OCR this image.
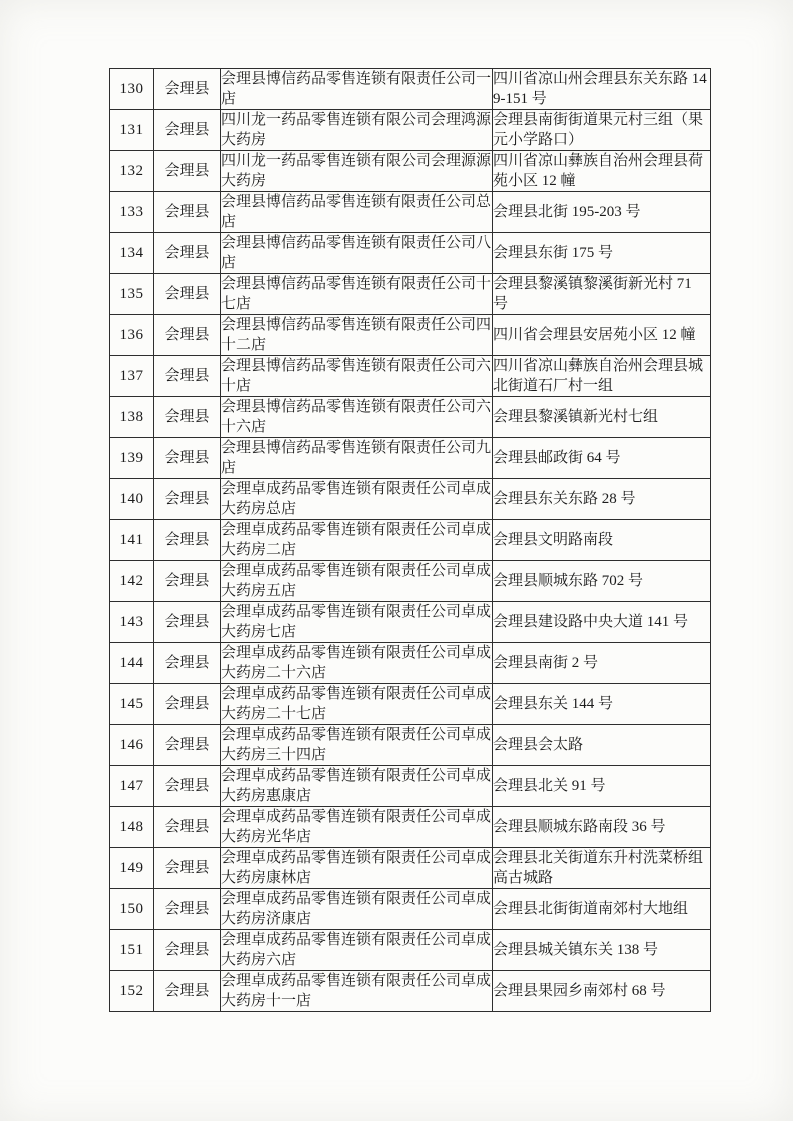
130	会理县	会理县博信药品零售连锁有限责任公司一店	四川省凉山州会理县东关东路 149-151 号
131	会理县	四川龙一药品零售连锁有限公司会理鸿源大药房	会理县南街街道果元村三组（果元小学路口）
132	会理县	四川龙一药品零售连锁有限公司会理源源大药房	四川省凉山彝族自治州会理县荷苑小区 12 幢
133	会理县	会理县博信药品零售连锁有限责任公司总店	会理县北街 195-203 号
134	会理县	会理县博信药品零售连锁有限责任公司八店	会理县东街 175 号
135	会理县	会理县博信药品零售连锁有限责任公司十七店	会理县黎溪镇黎溪街新光村 71 号
136	会理县	会理县博信药品零售连锁有限责任公司四十二店	四川省会理县安居苑小区 12 幢
137	会理县	会理县博信药品零售连锁有限责任公司六十店	四川省凉山彝族自治州会理县城北街道石厂村一组
138	会理县	会理县博信药品零售连锁有限责任公司六十六店	会理县黎溪镇新光村七组
139	会理县	会理县博信药品零售连锁有限责任公司九店	会理县邮政街 64 号
140	会理县	会理卓成药品零售连锁有限责任公司卓成大药房总店	会理县东关东路 28 号
141	会理县	会理卓成药品零售连锁有限责任公司卓成大药房二店	会理县文明路南段
142	会理县	会理卓成药品零售连锁有限责任公司卓成大药房五店	会理县顺城东路 702 号
143	会理县	会理卓成药品零售连锁有限责任公司卓成大药房七店	会理县建设路中央大道 141 号
144	会理县	会理卓成药品零售连锁有限责任公司卓成大药房二十六店	会理县南街 2 号
145	会理县	会理卓成药品零售连锁有限责任公司卓成大药房二十七店	会理县东关 144 号
146	会理县	会理卓成药品零售连锁有限责任公司卓成大药房三十四店	会理县会太路
147	会理县	会理卓成药品零售连锁有限责任公司卓成大药房惠康店	会理县北关 91 号
148	会理县	会理卓成药品零售连锁有限责任公司卓成大药房光华店	会理县顺城东路南段 36 号
149	会理县	会理卓成药品零售连锁有限责任公司卓成大药房康林店	会理县北关街道东升村洗菜桥组高古城路
150	会理县	会理卓成药品零售连锁有限责任公司卓成大药房济康店	会理县北街街道南郊村大地组
151	会理县	会理卓成药品零售连锁有限责任公司卓成大药房六店	会理县城关镇东关 138 号
152	会理县	会理卓成药品零售连锁有限责任公司卓成大药房十一店	会理县果园乡南郊村 68 号
